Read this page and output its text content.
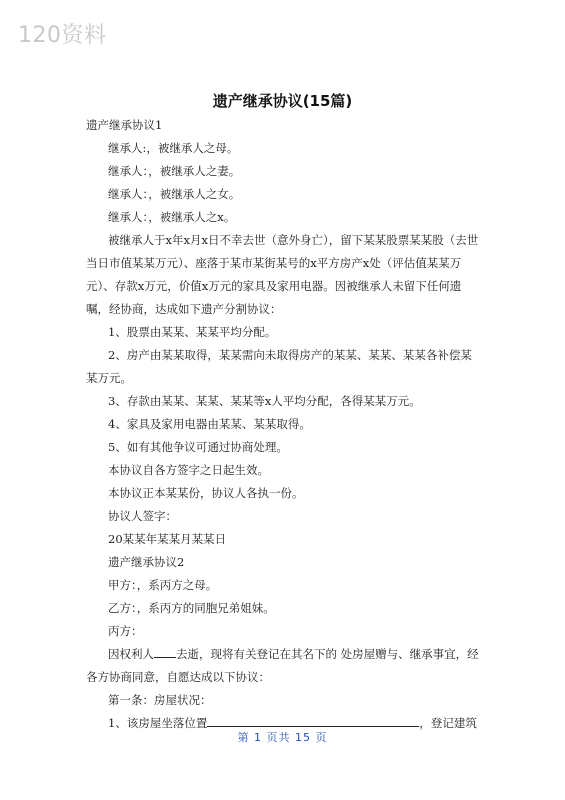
120资料
遗产继承协议(15篇)

遗产继承协议1

继承人:，被继承人之母。

继承人：，被继承人之妻。

继承人：，被继承人之女。

继承人：，被继承人之x。

被继承人于x年x月x日不幸去世（意外身亡），留下某某股票某某股（去世当日市值某某万元）、座落于某市某街某号的x平方房产x处（评估值某某万元）、存款x万元，价值x万元的家具及家用电器。因被继承人未留下任何遗嘱，经协商，达成如下遗产分割协议：

1、股票由某某、某某平均分配。

2、房产由某某取得，某某需向未取得房产的某某、某某、某某各补偿某某万元。

3、存款由某某、某某、某某等x人平均分配，各得某某万元。

4、家具及家用电器由某某、某某取得。

5、如有其他争议可通过协商处理。

本协议自各方签字之日起生效。

本协议正本某某份，协议人各执一份。

协议人签字：

20某某年某某月某某日

遗产继承协议2

甲方：，系丙方之母。

乙方：，系丙方的同胞兄弟姐妹。

丙方：

因权利人 去逝，现将有关登记在其名下的 处房屋赠与、继承事宜，经各方协商同意，自愿达成以下协议：

第一条：房屋状况：

1、该房屋坐落位置	，登记建筑

第 1 页共 15 页
